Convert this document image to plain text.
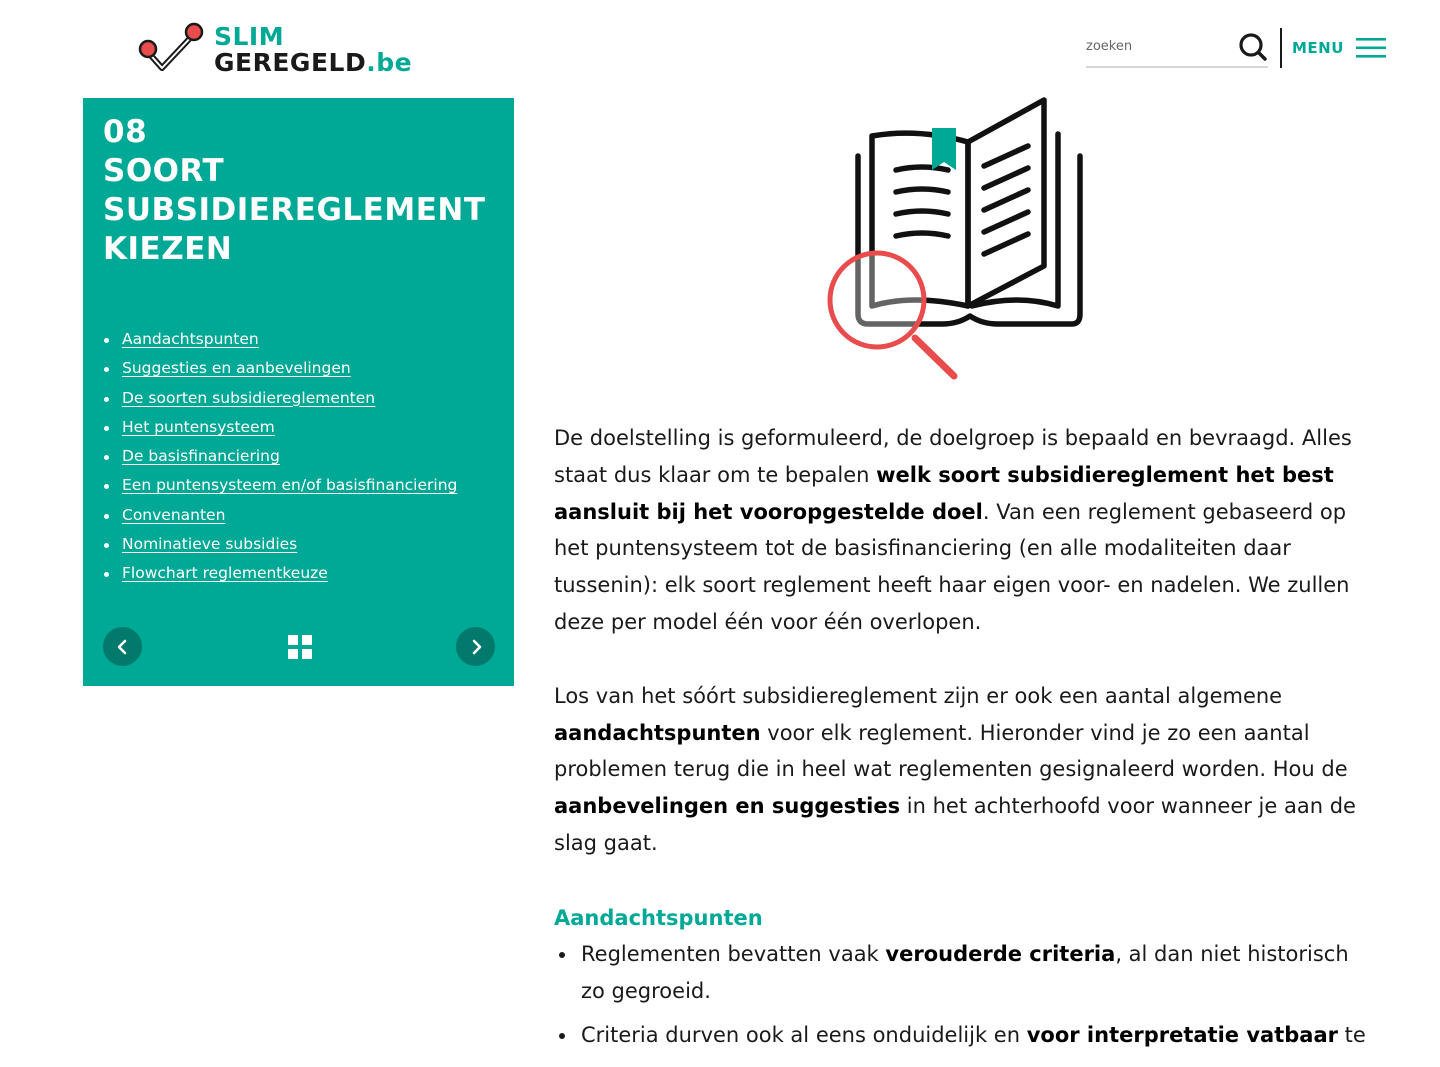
SLIM
GEREGELD.be
zoeken	MENU
08
SOORT SUBSIDIEREGLEMENT KIEZEN
Aandachtspunten
Suggesties en aanbevelingen
De soorten subsidiereglementen
Het puntensysteem
De basisfinanciering
Een puntensysteem en/of basisfinanciering
Convenanten
Nominatieve subsidies
Flowchart reglementkeuze

De doelstelling is geformuleerd, de doelgroep is bepaald en bevraagd. Alles staat dus klaar om te bepalen welk soort subsidiereglement het best aansluit bij het vooropgestelde doel. Van een reglement gebaseerd op het puntensysteem tot de basisfinanciering (en alle modaliteiten daar tussenin): elk soort reglement heeft haar eigen voor- en nadelen. We zullen deze per model één voor één overlopen.

Los van het sóórt subsidiereglement zijn er ook een aantal algemene aandachtspunten voor elk reglement. Hieronder vind je zo een aantal problemen terug die in heel wat reglementen gesignaleerd worden. Hou de aanbevelingen en suggesties in het achterhoofd voor wanneer je aan de slag gaat.

Aandachtspunten
Reglementen bevatten vaak verouderde criteria, al dan niet historisch zo gegroeid.
Criteria durven ook al eens onduidelijk en voor interpretatie vatbaar te
